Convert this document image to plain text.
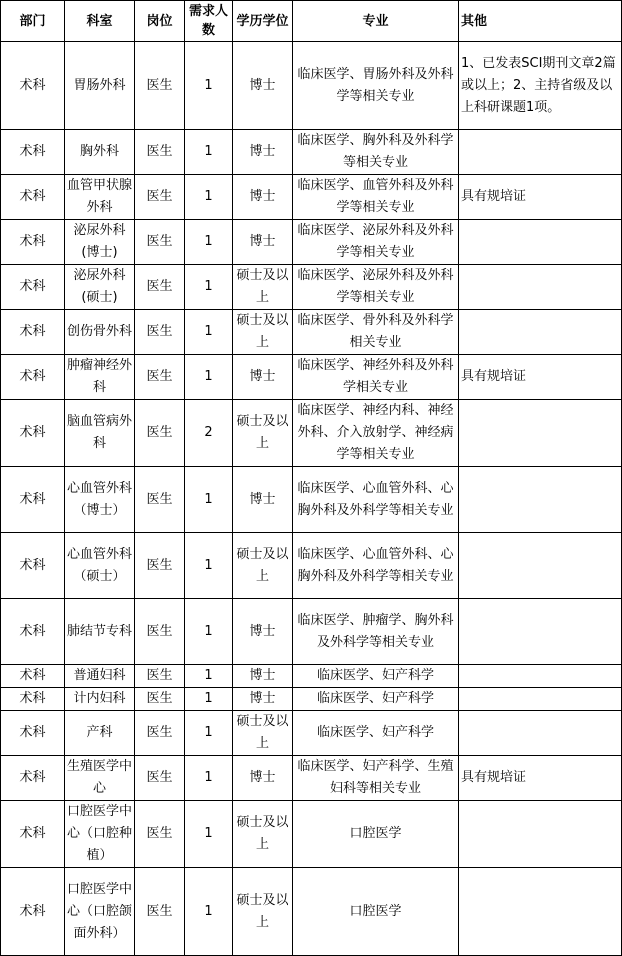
部门	科室	岗位	需求人数	学历学位	专业	其他
术科	胃肠外科	医生	1	博士	临床医学、胃肠外科及外科学等相关专业	1、已发表SCI期刊文章2篇或以上；2、主持省级及以上科研课题1项。
术科	胸外科	医生	1	博士	临床医学、胸外科及外科学等相关专业	
术科	血管甲状腺外科	医生	1	博士	临床医学、血管外科及外科学等相关专业	具有规培证
术科	泌尿外科(博士)	医生	1	博士	临床医学、泌尿外科及外科学等相关专业	
术科	泌尿外科(硕士)	医生	1	硕士及以上	临床医学、泌尿外科及外科学等相关专业	
术科	创伤骨外科	医生	1	硕士及以上	临床医学、骨外科及外科学相关专业	
术科	肿瘤神经外科	医生	1	博士	临床医学、神经外科及外科学相关专业	具有规培证
术科	脑血管病外科	医生	2	硕士及以上	临床医学、神经内科、神经外科、介入放射学、神经病学等相关专业	
术科	心血管外科（博士）	医生	1	博士	临床医学、心血管外科、心胸外科及外科学等相关专业	
术科	心血管外科（硕士）	医生	1	硕士及以上	临床医学、心血管外科、心胸外科及外科学等相关专业	
术科	肺结节专科	医生	1	博士	临床医学、肿瘤学、胸外科及外科学等相关专业	
术科	普通妇科	医生	1	博士	临床医学、妇产科学	
术科	计内妇科	医生	1	博士	临床医学、妇产科学	
术科	产科	医生	1	硕士及以上	临床医学、妇产科学	
术科	生殖医学中心	医生	1	博士	临床医学、妇产科学、生殖妇科等相关专业	具有规培证
术科	口腔医学中心（口腔种植）	医生	1	硕士及以上	口腔医学	
术科	口腔医学中心（口腔颌面外科）	医生	1	硕士及以上	口腔医学	
